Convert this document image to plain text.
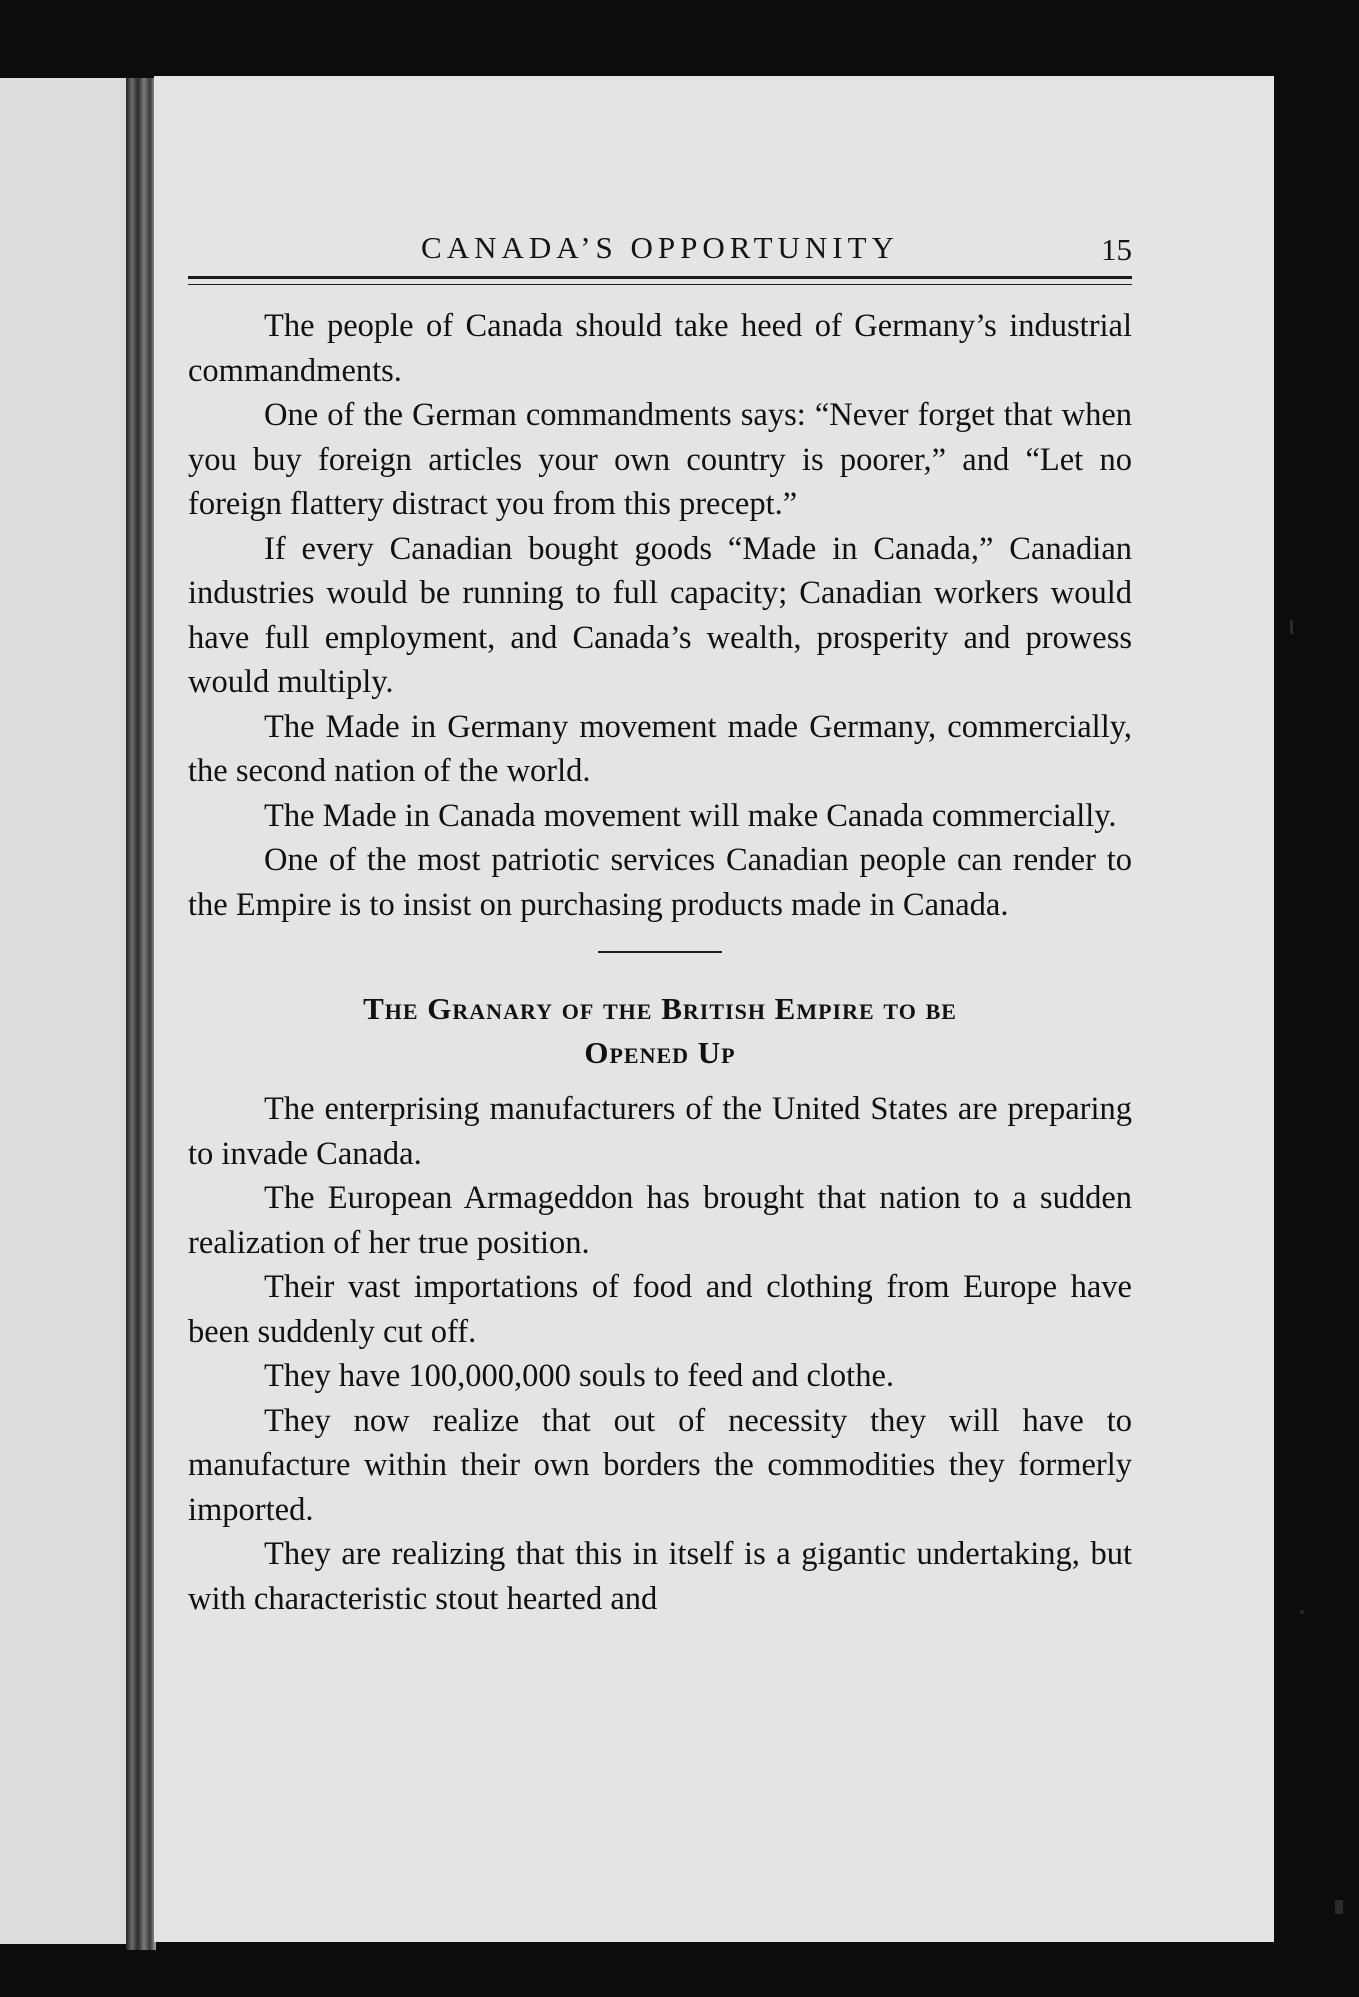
CANADA’S OPPORTUNITY	15

The people of Canada should take heed of Germany’s industrial commandments.

One of the German commandments says: “Never forget that when you buy foreign articles your own country is poorer,” and “Let no foreign flattery distract you from this precept.”

If every Canadian bought goods “Made in Canada,” Canadian industries would be running to full capacity; Canadian workers would have full employment, and Canada’s wealth, prosperity and prowess would multiply.

The Made in Germany movement made Germany, commercially, the second nation of the world.

The Made in Canada movement will make Canada commercially.

One of the most patriotic services Canadian people can render to the Empire is to insist on purchasing products made in Canada.

The Granary of the British Empire to be
Opened Up

The enterprising manufacturers of the United States are preparing to invade Canada.

The European Armageddon has brought that nation to a sudden realization of her true position.

Their vast importations of food and clothing from Europe have been suddenly cut off.

They have 100,000,000 souls to feed and clothe.

They now realize that out of necessity they will have to manufacture within their own borders the commodities they formerly imported.

They are realizing that this in itself is a gigantic undertaking, but with characteristic stout hearted and
